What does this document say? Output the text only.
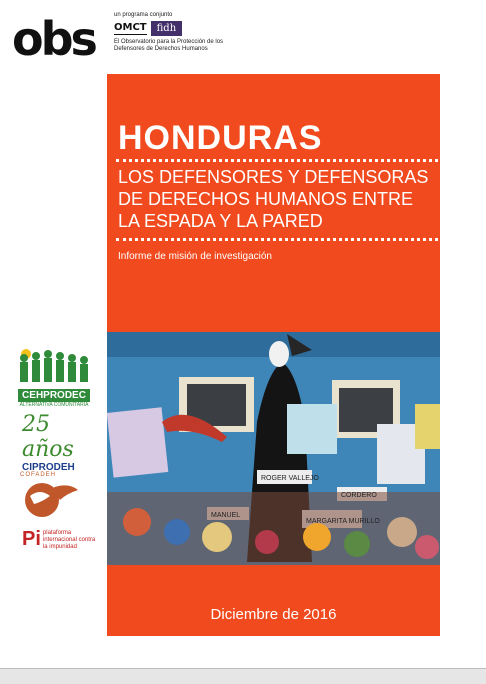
obs	un programa conjunto
OMCT	fidh
El Observatorio para la Protección de los Defensores de Derechos Humanos
HONDURAS
LOS DEFENSORES Y DEFENSORAS DE DERECHOS HUMANOS ENTRE LA ESPADA Y LA PARED
Informe de misión de investigación
ROGER VALLEJO
MANUEL
MARGARITA MURILLO
CORDERO
Diciembre de 2016
CEHPRODEC
ALTERNATIVA COMUNITARIA
25 años
CIPRODEH
COFADEH
Pi plataforma internacional contra la impunidad
